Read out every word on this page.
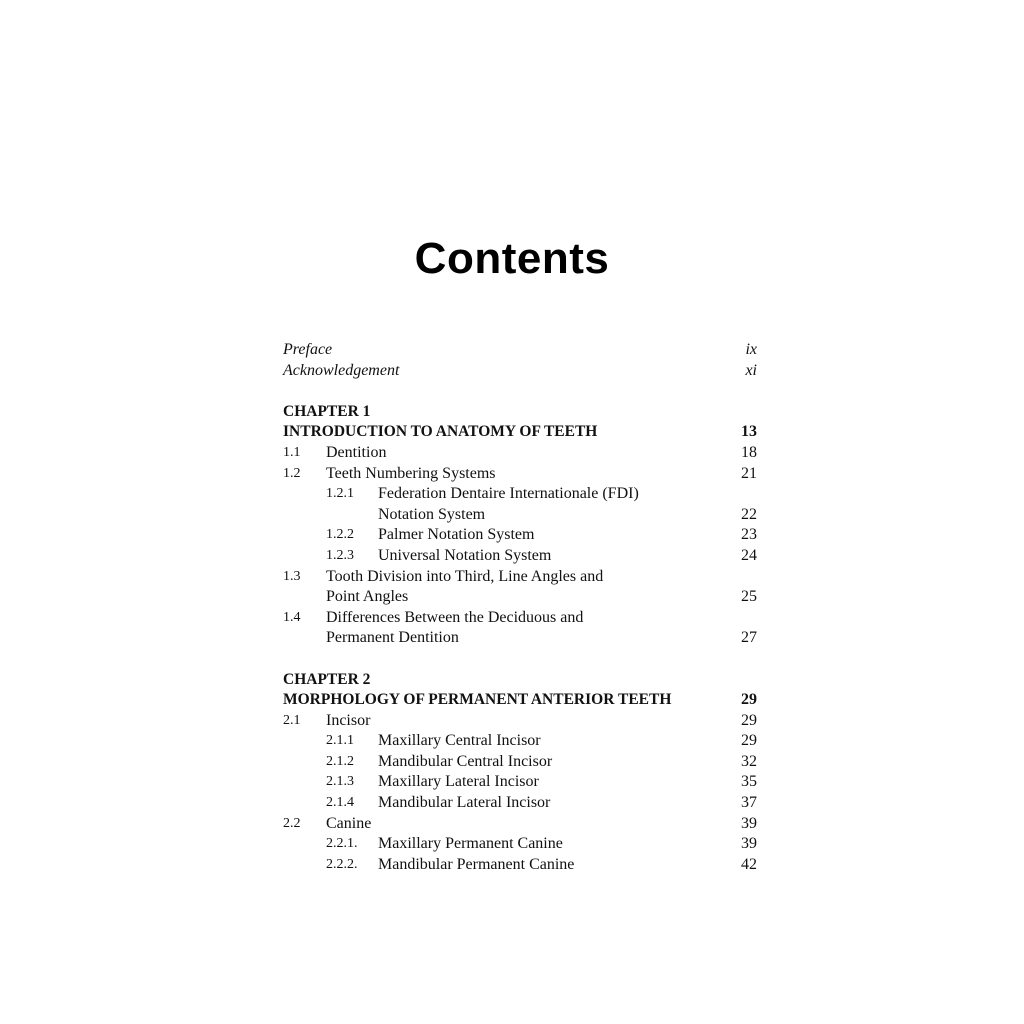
Contents
Preface	ix
Acknowledgement	xi
CHAPTER 1
INTRODUCTION TO ANATOMY OF TEETH	13
1.1 Dentition	18
1.2 Teeth Numbering Systems	21
1.2.1 Federation Dentaire Internationale (FDI)
Notation System	22
1.2.2 Palmer Notation System	23
1.2.3 Universal Notation System	24
1.3 Tooth Division into Third, Line Angles and
Point Angles	25
1.4 Differences Between the Deciduous and
Permanent Dentition	27
CHAPTER 2
MORPHOLOGY OF PERMANENT ANTERIOR TEETH	29
2.1 Incisor	29
2.1.1 Maxillary Central Incisor	29
2.1.2 Mandibular Central Incisor	32
2.1.3 Maxillary Lateral Incisor	35
2.1.4 Mandibular Lateral Incisor	37
2.2 Canine	39
2.2.1. Maxillary Permanent Canine	39
2.2.2. Mandibular Permanent Canine	42
